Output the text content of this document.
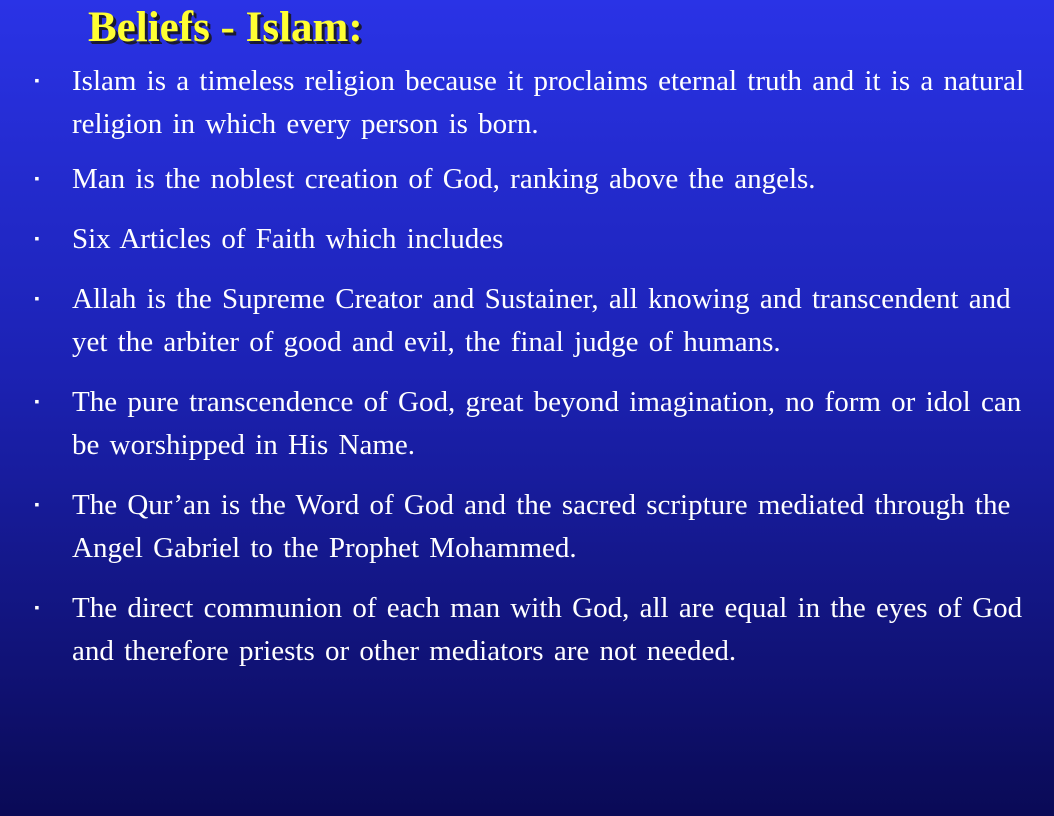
Beliefs - Islam:
▪ Islam is a timeless religion because it proclaims eternal truth and it is a natural religion in which every person is born.
▪ Man is the noblest creation of God, ranking above the angels.
▪ Six Articles of Faith which includes
▪ Allah is the Supreme Creator and Sustainer, all knowing and transcendent and yet the arbiter of good and evil, the final judge of humans.
▪ The pure transcendence of God, great beyond imagination, no form or idol can be worshipped in His Name.
▪ The Qur’an is the Word of God and the sacred scripture mediated through the Angel Gabriel to the Prophet Mohammed.
▪ The direct communion of each man with God, all are equal in the eyes of God and therefore priests or other mediators are not needed.
